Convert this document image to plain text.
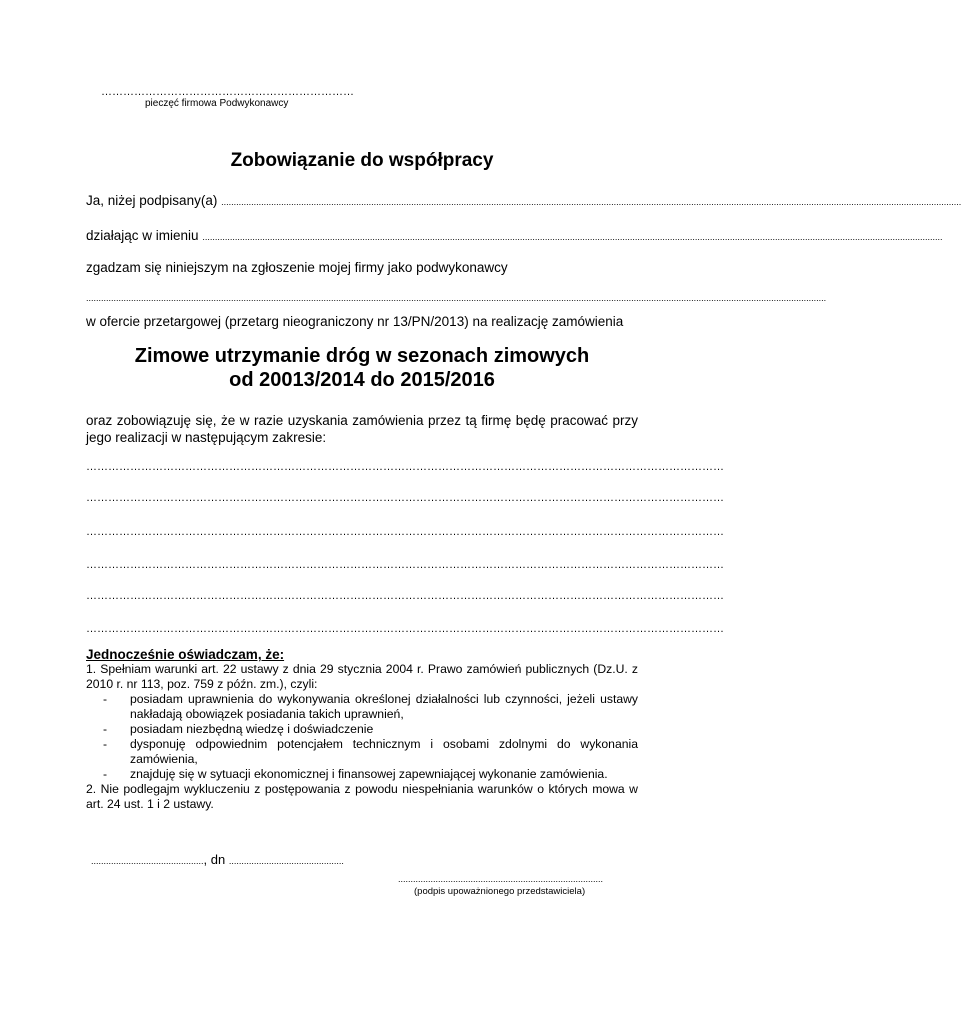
……………………………………………………………
pieczęć firmowa Podwykonawcy
Zobowiązanie do współpracy
Ja, niżej podpisany(a) ........................................................................................................................................................................................................................................................................................................
działając w imieniu ........................................................................................................................................................................................................................................................................................................
zgadzam się niniejszym na zgłoszenie mojej firmy jako podwykonawcy
........................................................................................................................................................................................................................................................................................................
w ofercie przetargowej (przetarg nieograniczony nr 13/PN/2013) na realizację zamówienia
Zimowe utrzymanie dróg w sezonach zimowych
od 20013/2014 do 2015/2016
oraz zobowiązuję się, że w razie uzyskania zamówienia przez tą firmę będę pracować przy jego realizacji w następującym zakresie:
…………………………………………………………………………………………………………………………………………………………
…………………………………………………………………………………………………………………………………………………………
…………………………………………………………………………………………………………………………………………………………
…………………………………………………………………………………………………………………………………………………………
…………………………………………………………………………………………………………………………………………………………
…………………………………………………………………………………………………………………………………………………………
Jednocześnie oświadczam, że:
1. Spełniam warunki art. 22 ustawy z dnia 29 stycznia 2004 r. Prawo zamówień publicznych (Dz.U. z 2010 r. nr 113, poz. 759 z późn. zm.), czyli:
- posiadam uprawnienia do wykonywania określonej działalności lub czynności, jeżeli ustawy nakładają obowiązek posiadania takich uprawnień,
- posiadam niezbędną wiedzę i doświadczenie
- dysponuję odpowiednim potencjałem technicznym i osobami zdolnymi do wykonania zamówienia,
- znajduję się w sytuacji ekonomicznej i finansowej zapewniającej wykonanie zamówienia.
2. Nie podlegajm wykluczeniu z postępowania z powodu niespełniania warunków o których mowa w art. 24 ust. 1 i 2 ustawy.
............................................., dn ..............................................
..................................................................................
(podpis upoważnionego przedstawiciela)
